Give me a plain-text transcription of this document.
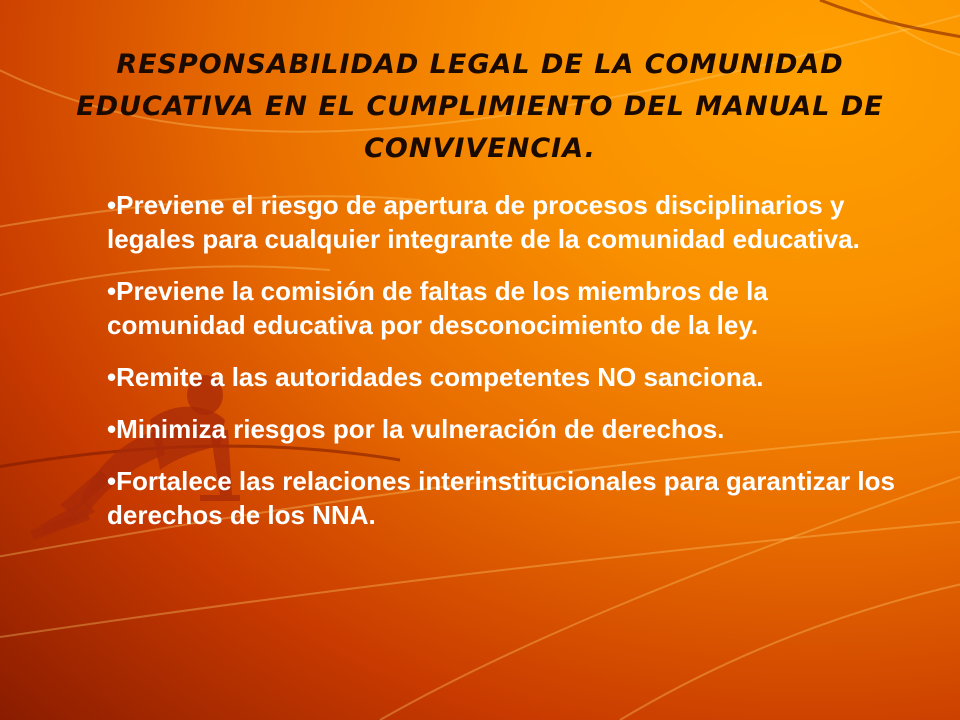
RESPONSABILIDAD LEGAL DE LA COMUNIDAD EDUCATIVA EN EL CUMPLIMIENTO DEL MANUAL DE CONVIVENCIA.
•Previene el riesgo de apertura de procesos disciplinarios y legales para cualquier integrante de la comunidad educativa.
•Previene la comisión de faltas de los miembros de la comunidad educativa por desconocimiento de la ley.
•Remite a las autoridades competentes NO sanciona.
•Minimiza riesgos por la vulneración de derechos.
•Fortalece las relaciones interinstitucionales para garantizar los derechos de los NNA.
